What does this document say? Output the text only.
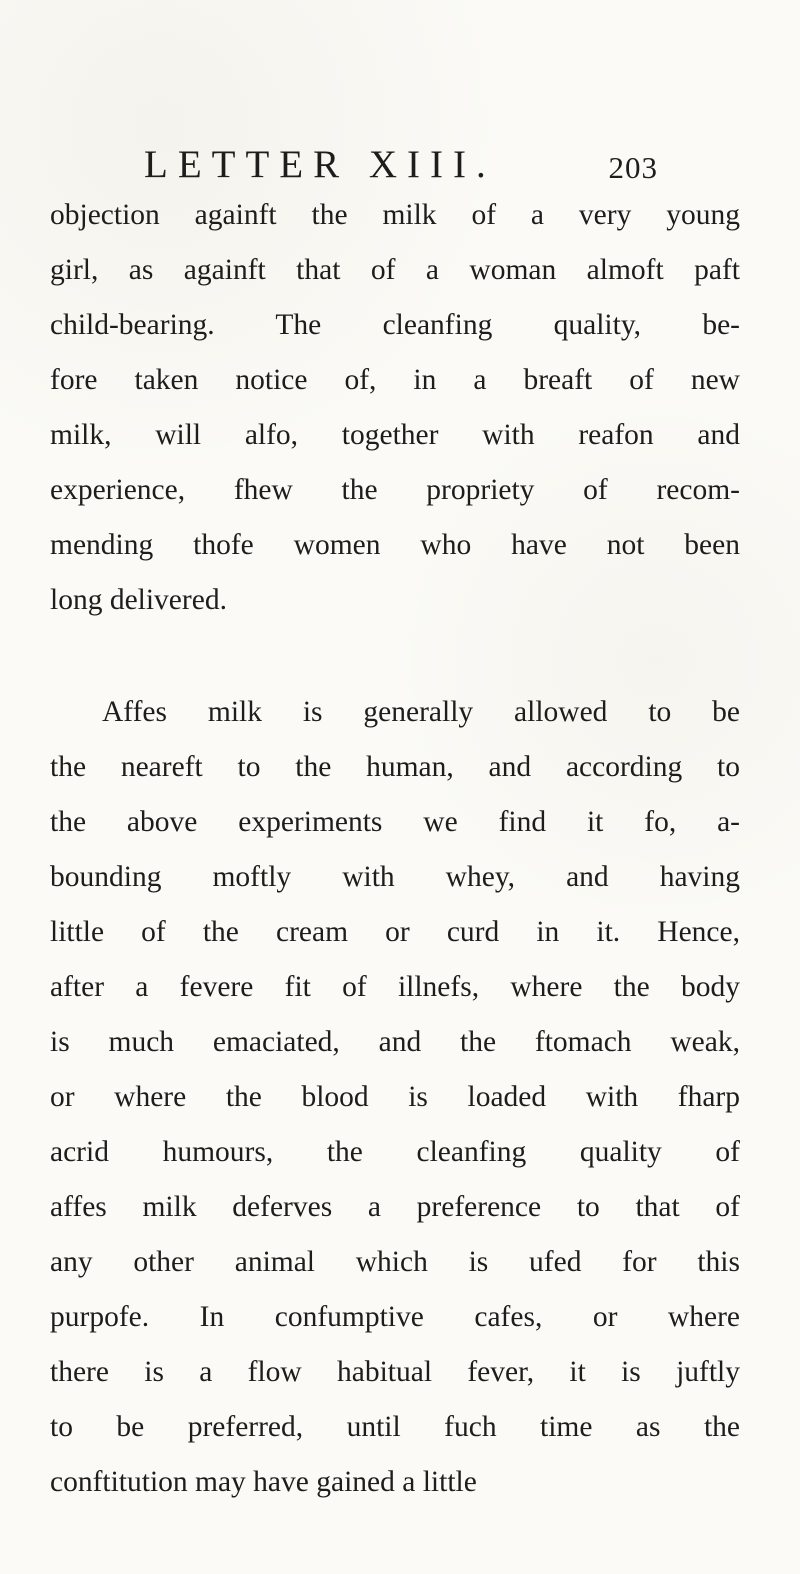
LETTER XIII.	203
objection againft the milk of a very young
girl, as againft that of a woman almoft paft
child-bearing. The cleanfing quality, be-
fore taken notice of, in a breaft of new
milk, will alfo, together with reafon and
experience, fhew the propriety of recom-
mending thofe women who have not been
long delivered.
Affes milk is generally allowed to be
the neareft to the human, and according to
the above experiments we find it fo, a-
bounding moftly with whey, and having
little of the cream or curd in it. Hence,
after a fevere fit of illnefs, where the body
is much emaciated, and the ftomach weak,
or where the blood is loaded with fharp
acrid humours, the cleanfing quality of
affes milk deferves a preference to that of
any other animal which is ufed for this
purpofe. In confumptive cafes, or where
there is a flow habitual fever, it is juftly
to be preferred, until fuch time as the
conftitution may have gained a little
